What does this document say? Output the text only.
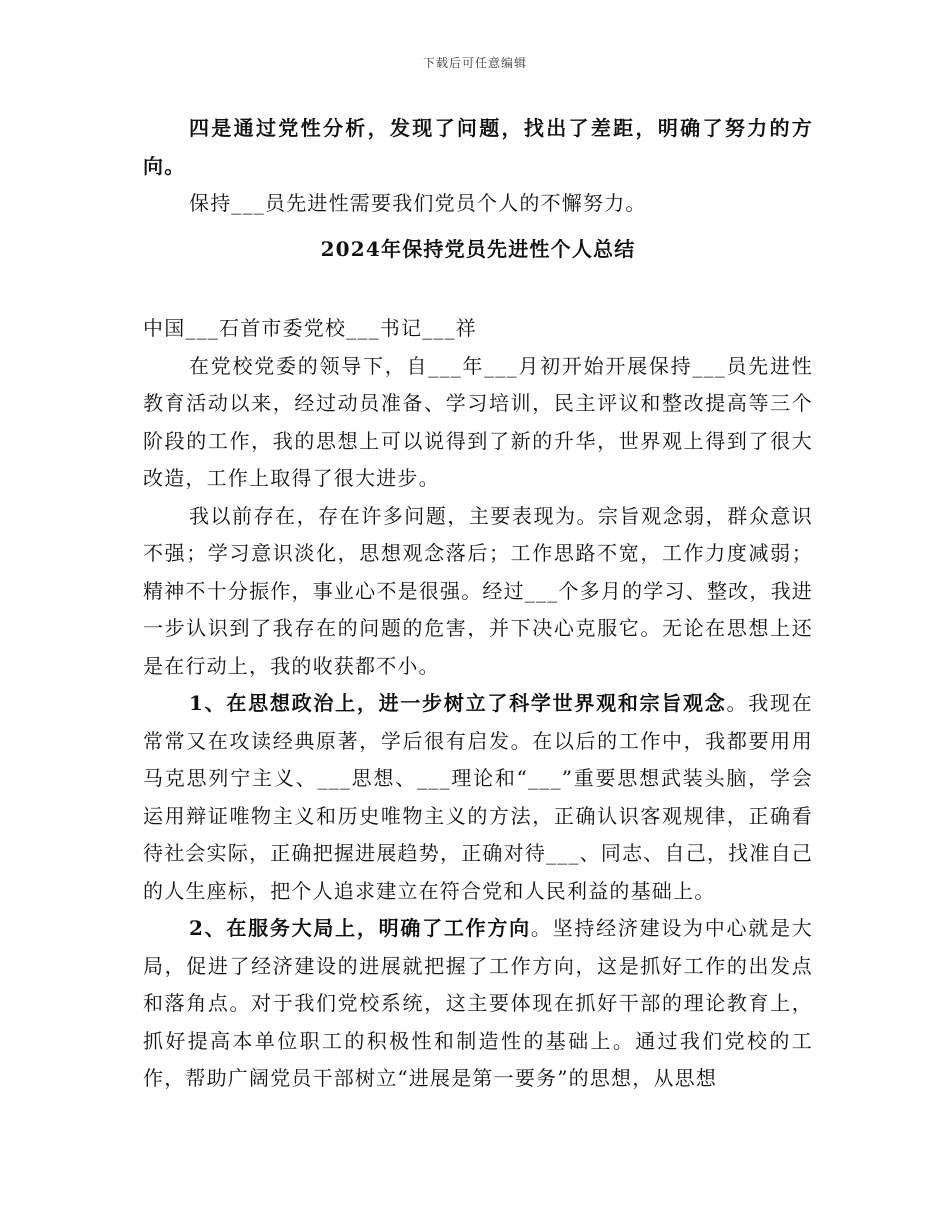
下载后可任意编辑

四是通过党性分析，发现了问题，找出了差距，明确了努力的方向。

保持___员先进性需要我们党员个人的不懈努力。

2024年保持党员先进性个人总结

中国___石首市委党校___书记___祥

在党校党委的领导下，自___年___月初开始开展保持___员先进性教育活动以来，经过动员准备、学习培训，民主评议和整改提高等三个阶段的工作，我的思想上可以说得到了新的升华，世界观上得到了很大改造，工作上取得了很大进步。

我以前存在，存在许多问题，主要表现为。宗旨观念弱，群众意识不强；学习意识淡化，思想观念落后；工作思路不宽，工作力度减弱；精神不十分振作，事业心不是很强。经过___个多月的学习、整改，我进一步认识到了我存在的问题的危害，并下决心克服它。无论在思想上还是在行动上，我的收获都不小。

1、在思想政治上，进一步树立了科学世界观和宗旨观念。我现在常常又在攻读经典原著，学后很有启发。在以后的工作中，我都要用用马克思列宁主义、___思想、___理论和“___”重要思想武装头脑，学会运用辩证唯物主义和历史唯物主义的方法，正确认识客观规律，正确看待社会实际，正确把握进展趋势，正确对待___、同志、自己，找准自己的人生座标，把个人追求建立在符合党和人民利益的基础上。

2、在服务大局上，明确了工作方向。坚持经济建设为中心就是大局，促进了经济建设的进展就把握了工作方向，这是抓好工作的出发点和落角点。对于我们党校系统，这主要体现在抓好干部的理论教育上，抓好提高本单位职工的积极性和制造性的基础上。通过我们党校的工作，帮助广阔党员干部树立“进展是第一要务”的思想，从思想
